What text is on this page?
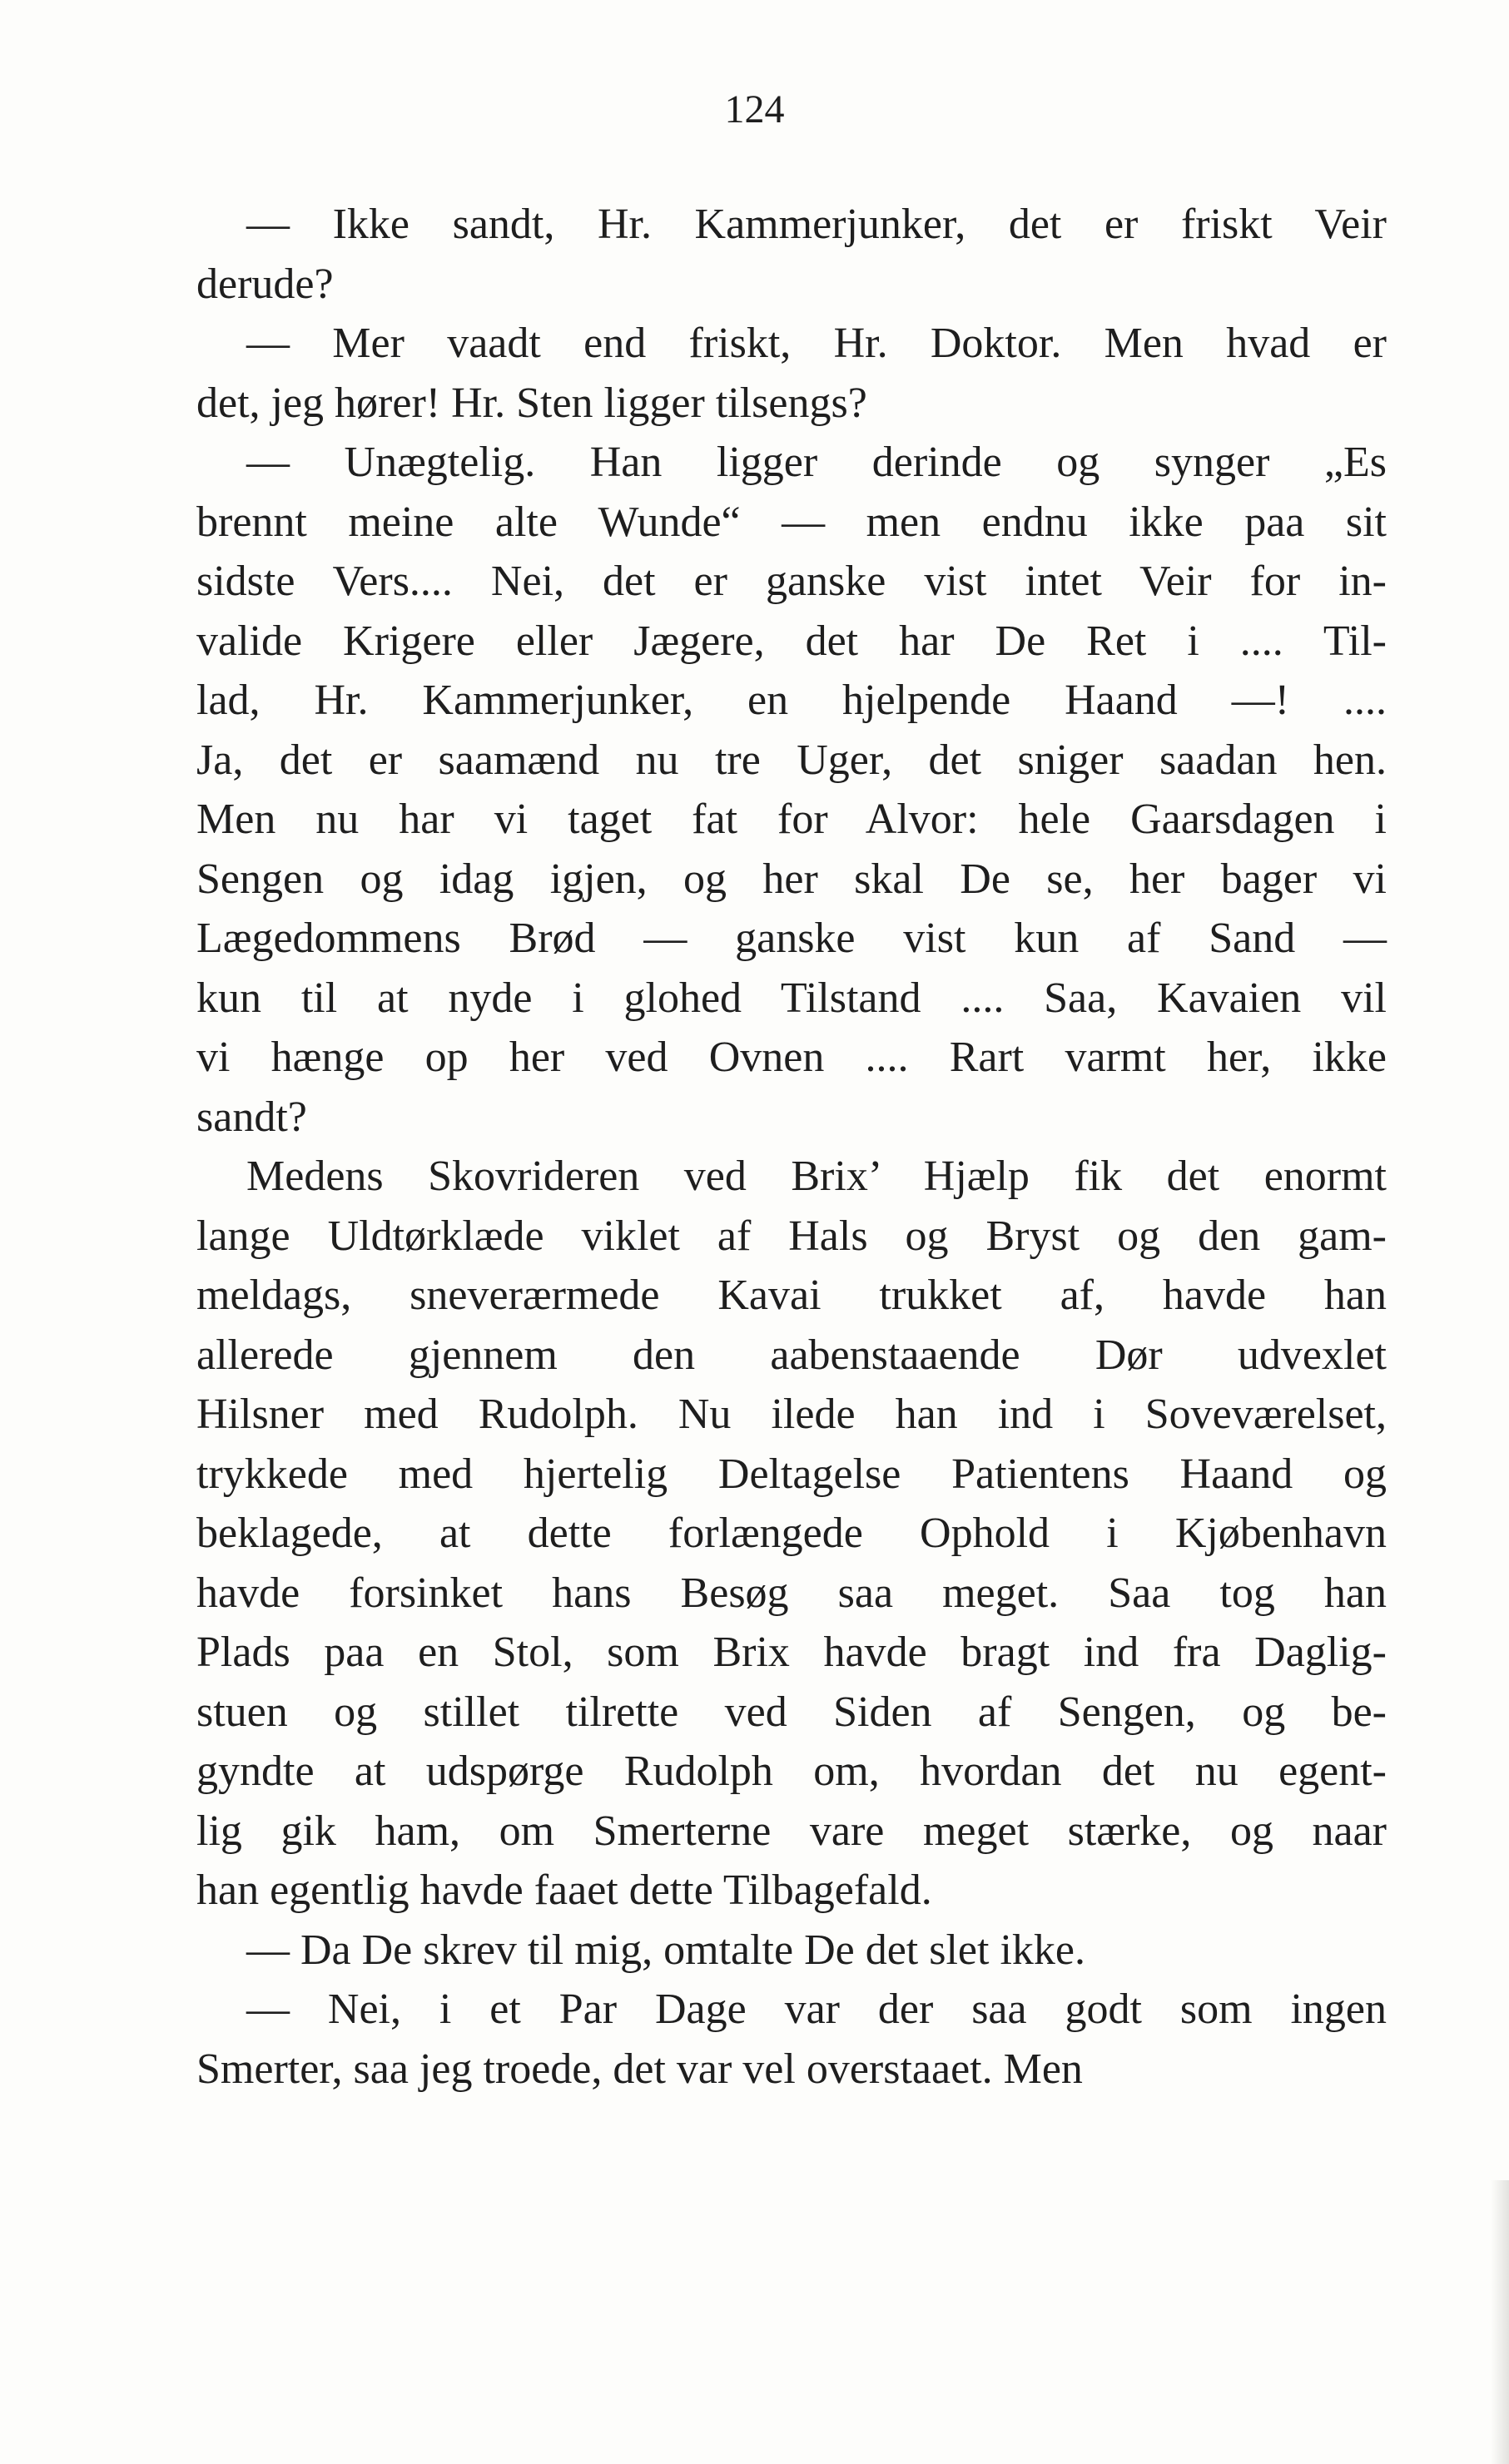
124
— Ikke sandt, Hr. Kammerjunker, det er friskt Veir
derude?
— Mer vaadt end friskt, Hr. Doktor. Men hvad er
det, jeg hører! Hr. Sten ligger tilsengs?
— Unægtelig. Han ligger derinde og synger „Es
brennt meine alte Wunde“ — men endnu ikke paa sit
sidste Vers.... Nei, det er ganske vist intet Veir for in-
valide Krigere eller Jægere, det har De Ret i .... Til-
lad, Hr. Kammerjunker, en hjelpende Haand —! ....
Ja, det er saamænd nu tre Uger, det sniger saadan hen.
Men nu har vi taget fat for Alvor: hele Gaarsdagen i
Sengen og idag igjen, og her skal De se, her bager vi
Lægedommens Brød — ganske vist kun af Sand —
kun til at nyde i glohed Tilstand .... Saa, Kavaien vil
vi hænge op her ved Ovnen .... Rart varmt her, ikke
sandt?
Medens Skovrideren ved Brix’ Hjælp fik det enormt
lange Uldtørklæde viklet af Hals og Bryst og den gam-
meldags, sneverærmede Kavai trukket af, havde han
allerede gjennem den aabenstaaende Dør udvexlet
Hilsner med Rudolph. Nu ilede han ind i Soveværelset,
trykkede med hjertelig Deltagelse Patientens Haand og
beklagede, at dette forlængede Ophold i Kjøbenhavn
havde forsinket hans Besøg saa meget. Saa tog han
Plads paa en Stol, som Brix havde bragt ind fra Daglig-
stuen og stillet tilrette ved Siden af Sengen, og be-
gyndte at udspørge Rudolph om, hvordan det nu egent-
lig gik ham, om Smerterne vare meget stærke, og naar
han egentlig havde faaet dette Tilbagefald.
— Da De skrev til mig, omtalte De det slet ikke.
— Nei, i et Par Dage var der saa godt som ingen
Smerter, saa jeg troede, det var vel overstaaet. Men
